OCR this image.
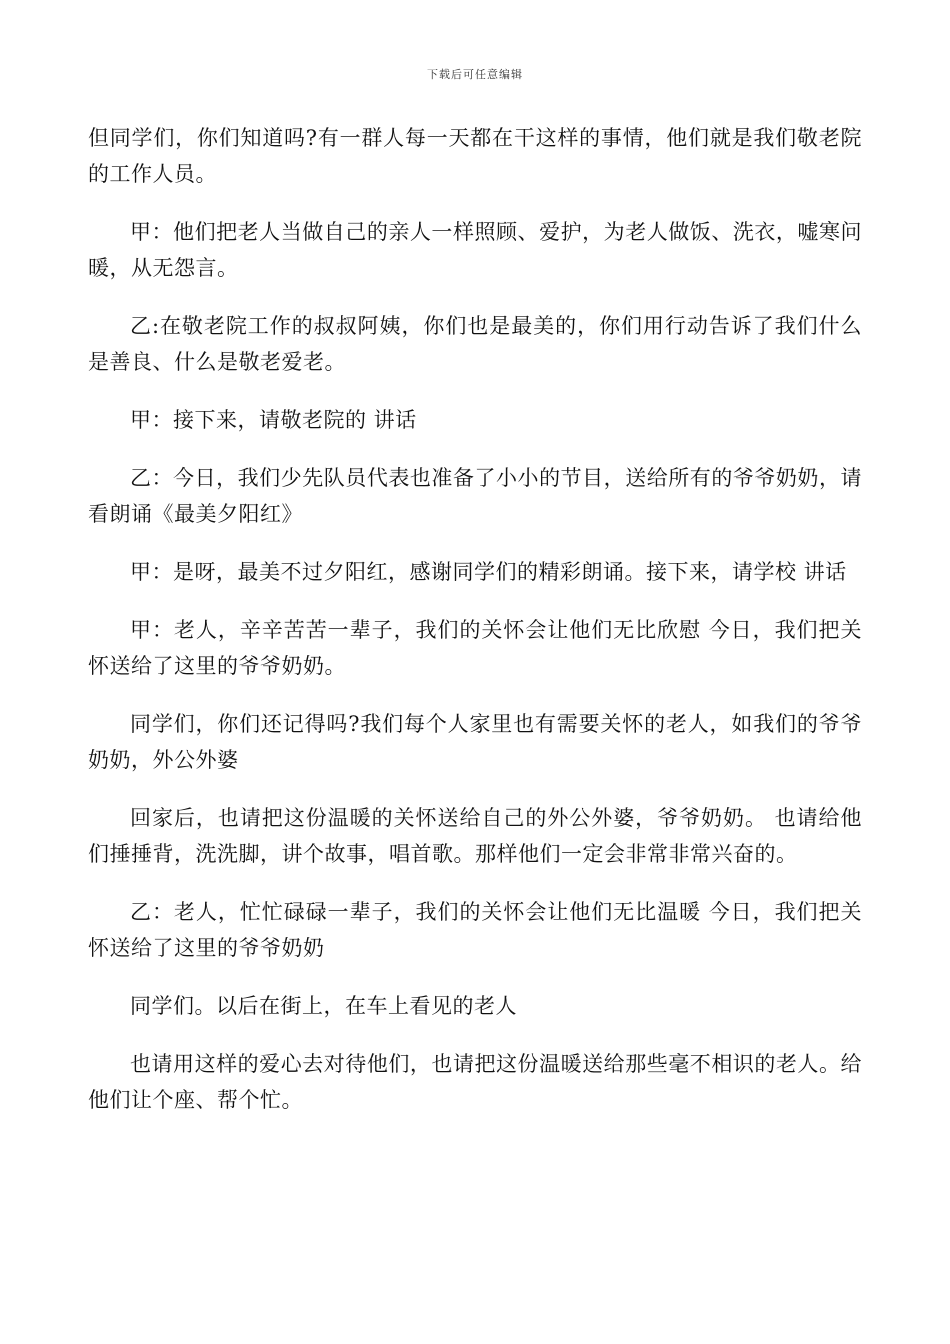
下载后可任意编辑

但同学们，你们知道吗?有一群人每一天都在干这样的事情，他们就是我们敬老院的工作人员。

甲：他们把老人当做自己的亲人一样照顾、爱护，为老人做饭、洗衣，嘘寒问暖，从无怨言。

乙:在敬老院工作的叔叔阿姨，你们也是最美的，你们用行动告诉了我们什么是善良、什么是敬老爱老。

甲：接下来，请敬老院的 讲话

乙：今日，我们少先队员代表也准备了小小的节目，送给所有的爷爷奶奶，请看朗诵《最美夕阳红》

甲：是呀，最美不过夕阳红，感谢同学们的精彩朗诵。接下来，请学校 讲话

甲：老人，辛辛苦苦一辈子，我们的关怀会让他们无比欣慰 今日，我们把关怀送给了这里的爷爷奶奶。

同学们，你们还记得吗?我们每个人家里也有需要关怀的老人，如我们的爷爷奶奶，外公外婆

回家后，也请把这份温暖的关怀送给自己的外公外婆，爷爷奶奶。 也请给他们捶捶背，洗洗脚，讲个故事，唱首歌。那样他们一定会非常非常兴奋的。

乙：老人，忙忙碌碌一辈子，我们的关怀会让他们无比温暖 今日，我们把关怀送给了这里的爷爷奶奶

同学们。以后在街上，在车上看见的老人

也请用这样的爱心去对待他们，也请把这份温暖送给那些毫不相识的老人。给他们让个座、帮个忙。
